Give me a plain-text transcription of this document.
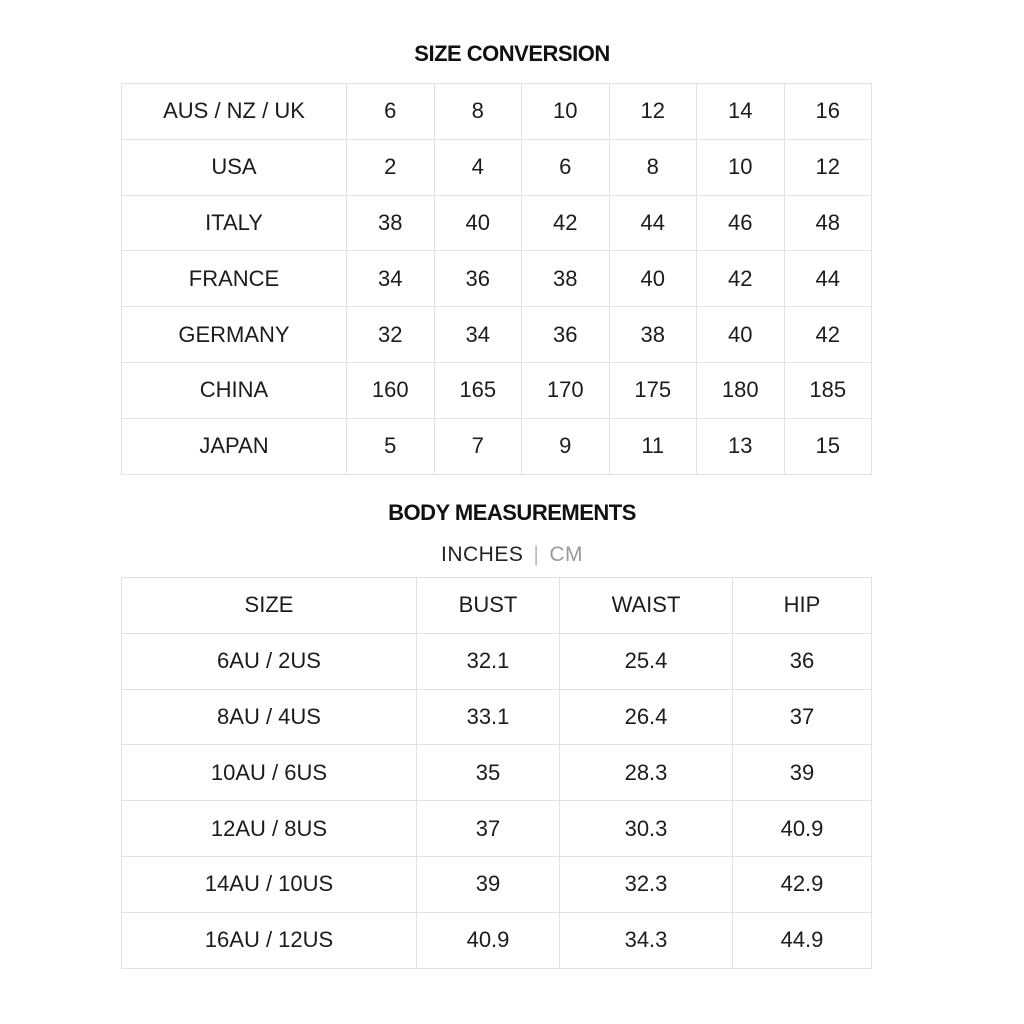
SIZE CONVERSION
AUS / NZ / UK	6	8	10	12	14	16
USA	2	4	6	8	10	12
ITALY	38	40	42	44	46	48
FRANCE	34	36	38	40	42	44
GERMANY	32	34	36	38	40	42
CHINA	160	165	170	175	180	185
JAPAN	5	7	9	11	13	15
BODY MEASUREMENTS
INCHES | CM
SIZE	BUST	WAIST	HIP
6AU / 2US	32.1	25.4	36
8AU / 4US	33.1	26.4	37
10AU / 6US	35	28.3	39
12AU / 8US	37	30.3	40.9
14AU / 10US	39	32.3	42.9
16AU / 12US	40.9	34.3	44.9
